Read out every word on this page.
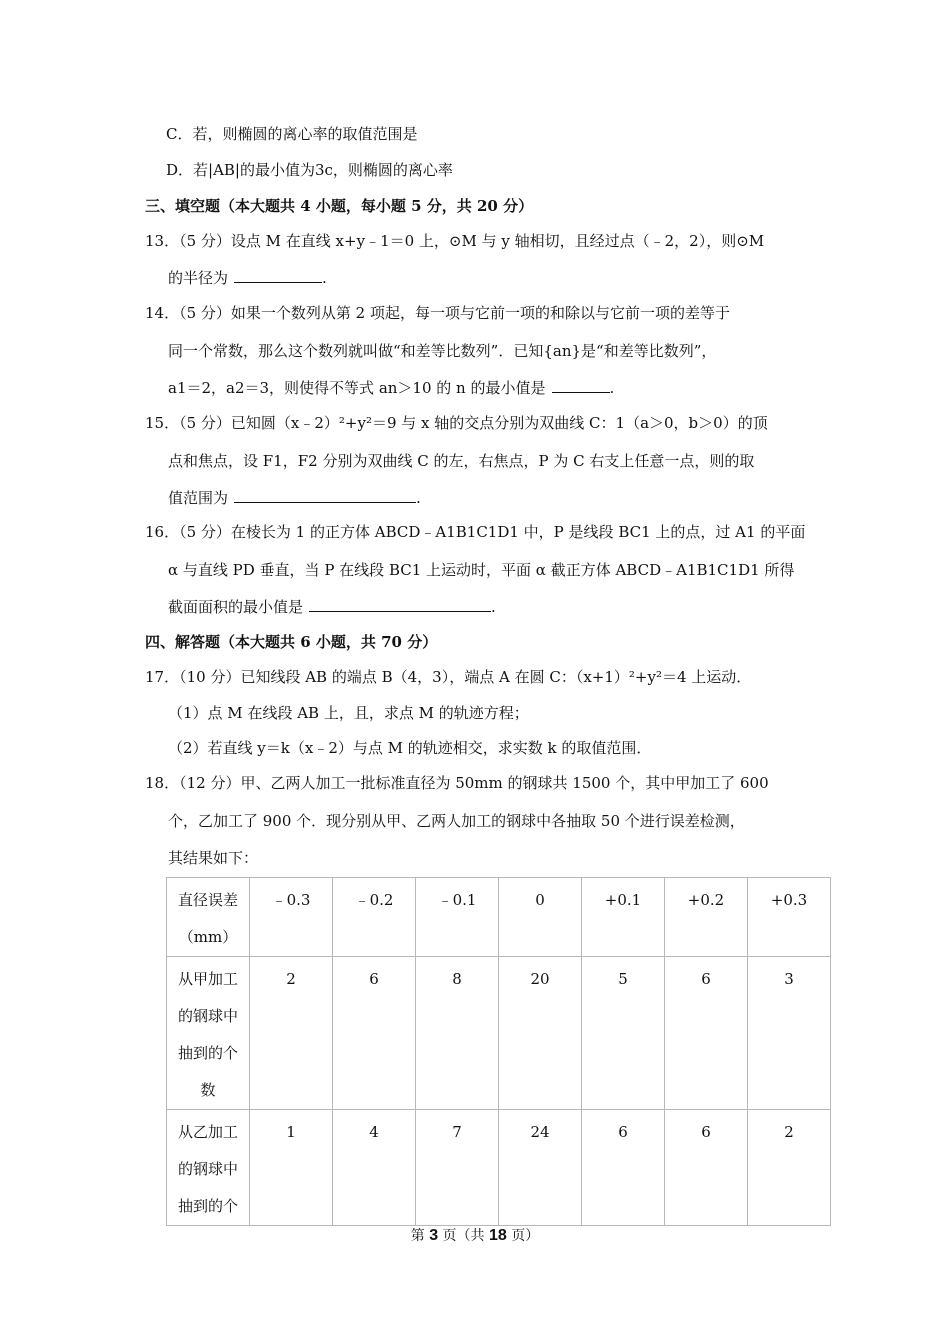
C．若，则椭圆的离心率的取值范围是
D．若|AB|的最小值为3c，则椭圆的离心率
三、填空题（本大题共 4 小题，每小题 5 分，共 20 分）
13．（5 分）设点 M 在直线 x+y﹣1＝0 上，⊙M 与 y 轴相切，且经过点（﹣2，2），则⊙M
的半径为	.
14．（5 分）如果一个数列从第 2 项起，每一项与它前一项的和除以与它前一项的差等于
同一个常数，那么这个数列就叫做“和差等比数列”．已知{an}是“和差等比数列”，
a1＝2，a2＝3，则使得不等式 an＞10 的 n 的最小值是	.
15．（5 分）已知圆（x﹣2）²+y²＝9 与 x 轴的交点分别为双曲线 C：1（a＞0，b＞0）的顶
点和焦点，设 F1，F2 分别为双曲线 C 的左，右焦点，P 为 C 右支上任意一点，则的取
值范围为	.
16．（5 分）在棱长为 1 的正方体 ABCD﹣A1B1C1D1 中，P 是线段 BC1 上的点，过 A1 的平面
α 与直线 PD 垂直，当 P 在线段 BC1 上运动时，平面 α 截正方体 ABCD﹣A1B1C1D1 所得
截面面积的最小值是	.
四、解答题（本大题共 6 小题，共 70 分）
17．（10 分）已知线段 AB 的端点 B（4，3），端点 A 在圆 C：（x+1）²+y²＝4 上运动．
（1）点 M 在线段 AB 上，且，求点 M 的轨迹方程；
（2）若直线 y＝k（x﹣2）与点 M 的轨迹相交，求实数 k 的取值范围．
18．（12 分）甲、乙两人加工一批标准直径为 50mm 的钢球共 1500 个，其中甲加工了 600
个，乙加工了 900 个．现分别从甲、乙两人加工的钢球中各抽取 50 个进行误差检测，
其结果如下：
直径误差
（mm）	﹣0.3	﹣0.2	﹣0.1	0	+0.1	+0.2	+0.3

从甲加工
的钢球中
抽到的个
数	2	6	8	20	5	6	3

从乙加工
的钢球中
抽到的个	1	4	7	24	6	6	2
第 3 页（共 18 页）
